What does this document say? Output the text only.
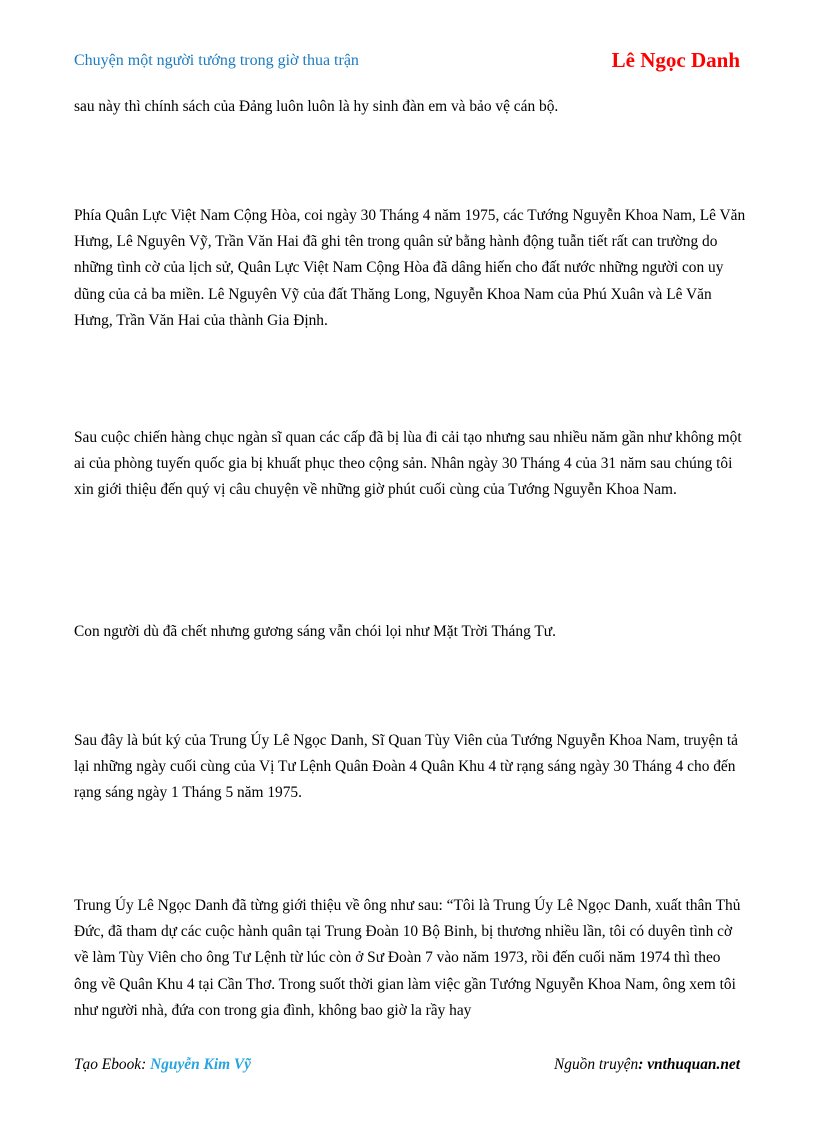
Chuyện một người tướng trong giờ thua trận	Lê Ngọc Danh

sau này thì chính sách của Đảng luôn luôn là hy sinh đàn em và bảo vệ cán bộ.

Phía Quân Lực Việt Nam Cộng Hòa, coi ngày 30 Tháng 4 năm 1975, các Tướng Nguyễn Khoa Nam, Lê Văn Hưng, Lê Nguyên Vỹ, Trần Văn Hai đã ghi tên trong quân sử bằng hành động tuẫn tiết rất can trường do những tình cờ của lịch sử, Quân Lực Việt Nam Cộng Hòa đã dâng hiến cho đất nước những người con uy dũng của cả ba miền. Lê Nguyên Vỹ của đất Thăng Long, Nguyễn Khoa Nam của Phú Xuân và Lê Văn Hưng, Trần Văn Hai của thành Gia Định.

Sau cuộc chiến hàng chục ngàn sĩ quan các cấp đã bị lùa đi cải tạo nhưng sau nhiều năm gần như không một ai của phòng tuyến quốc gia bị khuất phục theo cộng sản. Nhân ngày 30 Tháng 4 của 31 năm sau chúng tôi xin giới thiệu đến quý vị câu chuyện về những giờ phút cuối cùng của Tướng Nguyễn Khoa Nam.

Con người dù đã chết nhưng gương sáng vẫn chói lọi như Mặt Trời Tháng Tư.

Sau đây là bút ký của Trung Úy Lê Ngọc Danh, Sĩ Quan Tùy Viên của Tướng Nguyễn Khoa Nam, truyện tả lại những ngày cuối cùng của Vị Tư Lệnh Quân Đoàn 4 Quân Khu 4 từ rạng sáng ngày 30 Tháng 4 cho đến rạng sáng ngày 1 Tháng 5 năm 1975.

Trung Úy Lê Ngọc Danh đã từng giới thiệu về ông như sau: “Tôi là Trung Úy Lê Ngọc Danh, xuất thân Thủ Đức, đã tham dự các cuộc hành quân tại Trung Đoàn 10 Bộ Binh, bị thương nhiều lần, tôi có duyên tình cờ về làm Tùy Viên cho ông Tư Lệnh từ lúc còn ở Sư Đoàn 7 vào năm 1973, rồi đến cuối năm 1974 thì theo ông về Quân Khu 4 tại Cần Thơ. Trong suốt thời gian làm việc gần Tướng Nguyễn Khoa Nam, ông xem tôi như người nhà, đứa con trong gia đình, không bao giờ la rầy hay

Tạo Ebook: Nguyễn Kim Vỹ	Nguồn truyện: vnthuquan.net
